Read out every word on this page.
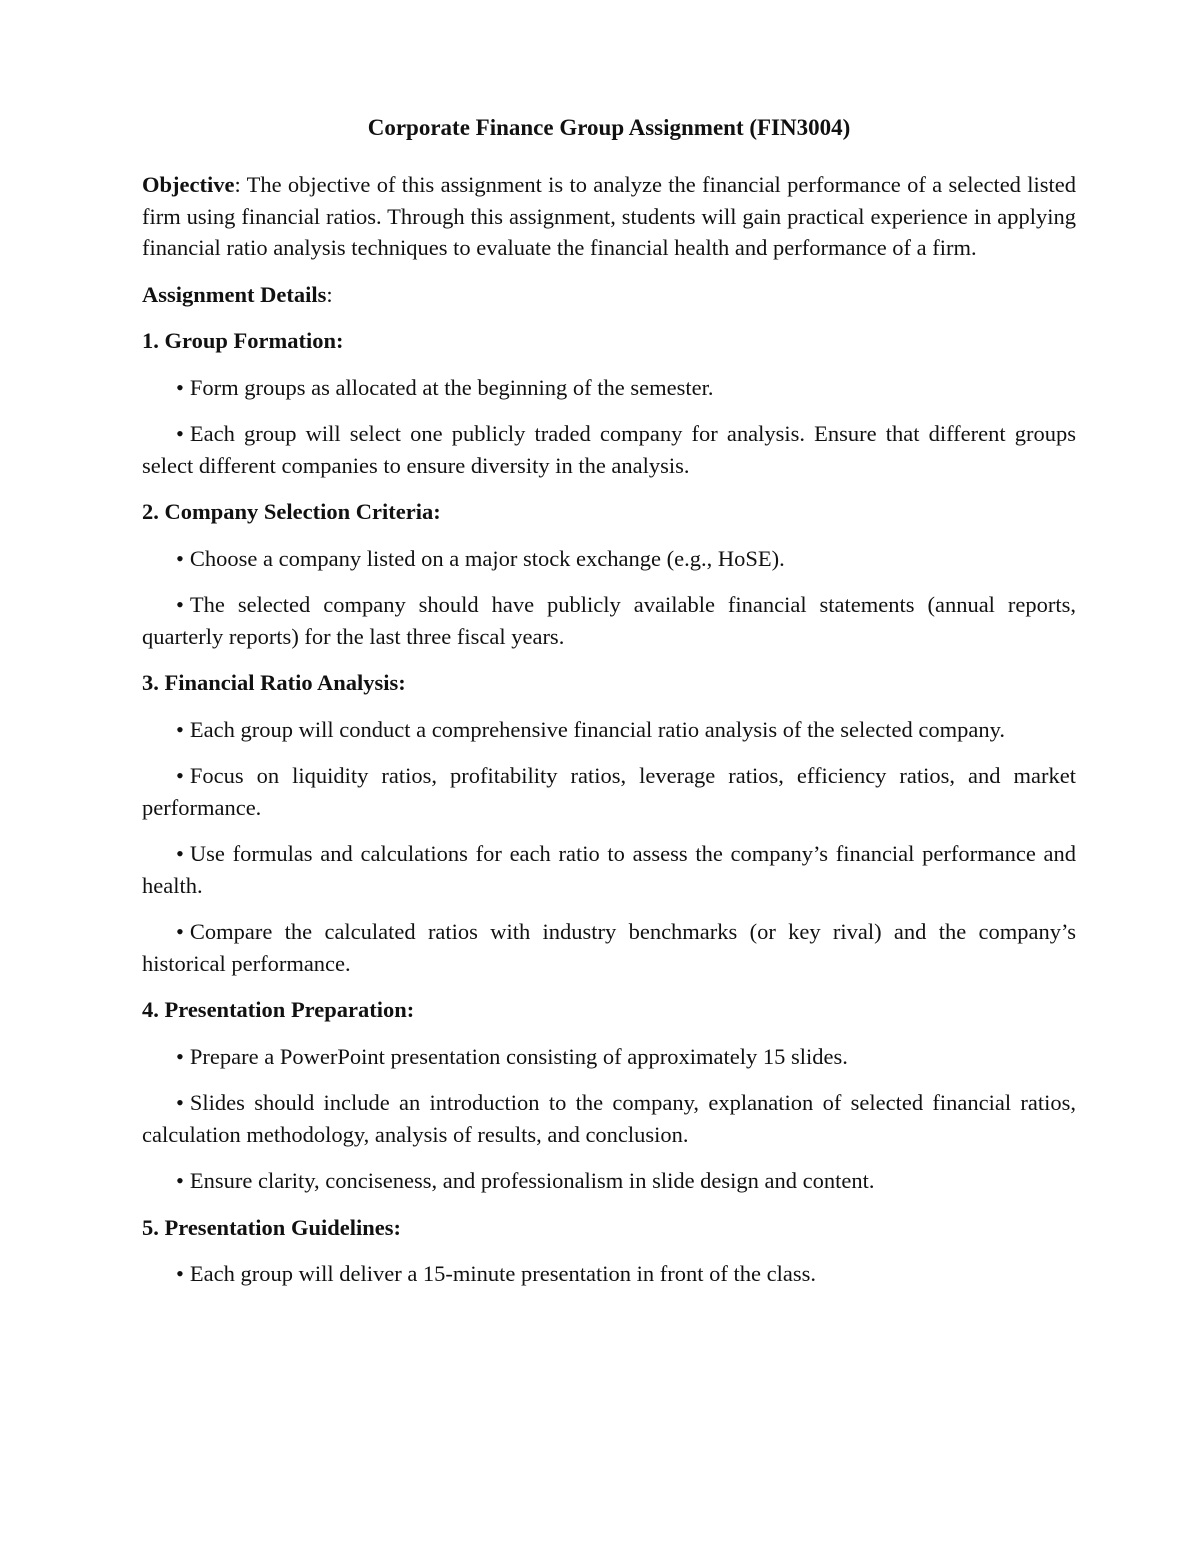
Corporate Finance Group Assignment (FIN3004)

Objective: The objective of this assignment is to analyze the financial performance of a selected listed firm using financial ratios. Through this assignment, students will gain practical experience in applying financial ratio analysis techniques to evaluate the financial health and performance of a firm.

Assignment Details:

1. Group Formation:

• Form groups as allocated at the beginning of the semester.

• Each group will select one publicly traded company for analysis. Ensure that different groups select different companies to ensure diversity in the analysis.

2. Company Selection Criteria:

• Choose a company listed on a major stock exchange (e.g., HoSE).

• The selected company should have publicly available financial statements (annual reports, quarterly reports) for the last three fiscal years.

3. Financial Ratio Analysis:

• Each group will conduct a comprehensive financial ratio analysis of the selected company.

• Focus on liquidity ratios, profitability ratios, leverage ratios, efficiency ratios, and market performance.

• Use formulas and calculations for each ratio to assess the company’s financial performance and health.

• Compare the calculated ratios with industry benchmarks (or key rival) and the company’s historical performance.

4. Presentation Preparation:

• Prepare a PowerPoint presentation consisting of approximately 15 slides.

• Slides should include an introduction to the company, explanation of selected financial ratios, calculation methodology, analysis of results, and conclusion.

• Ensure clarity, conciseness, and professionalism in slide design and content.

5. Presentation Guidelines:

• Each group will deliver a 15-minute presentation in front of the class.
